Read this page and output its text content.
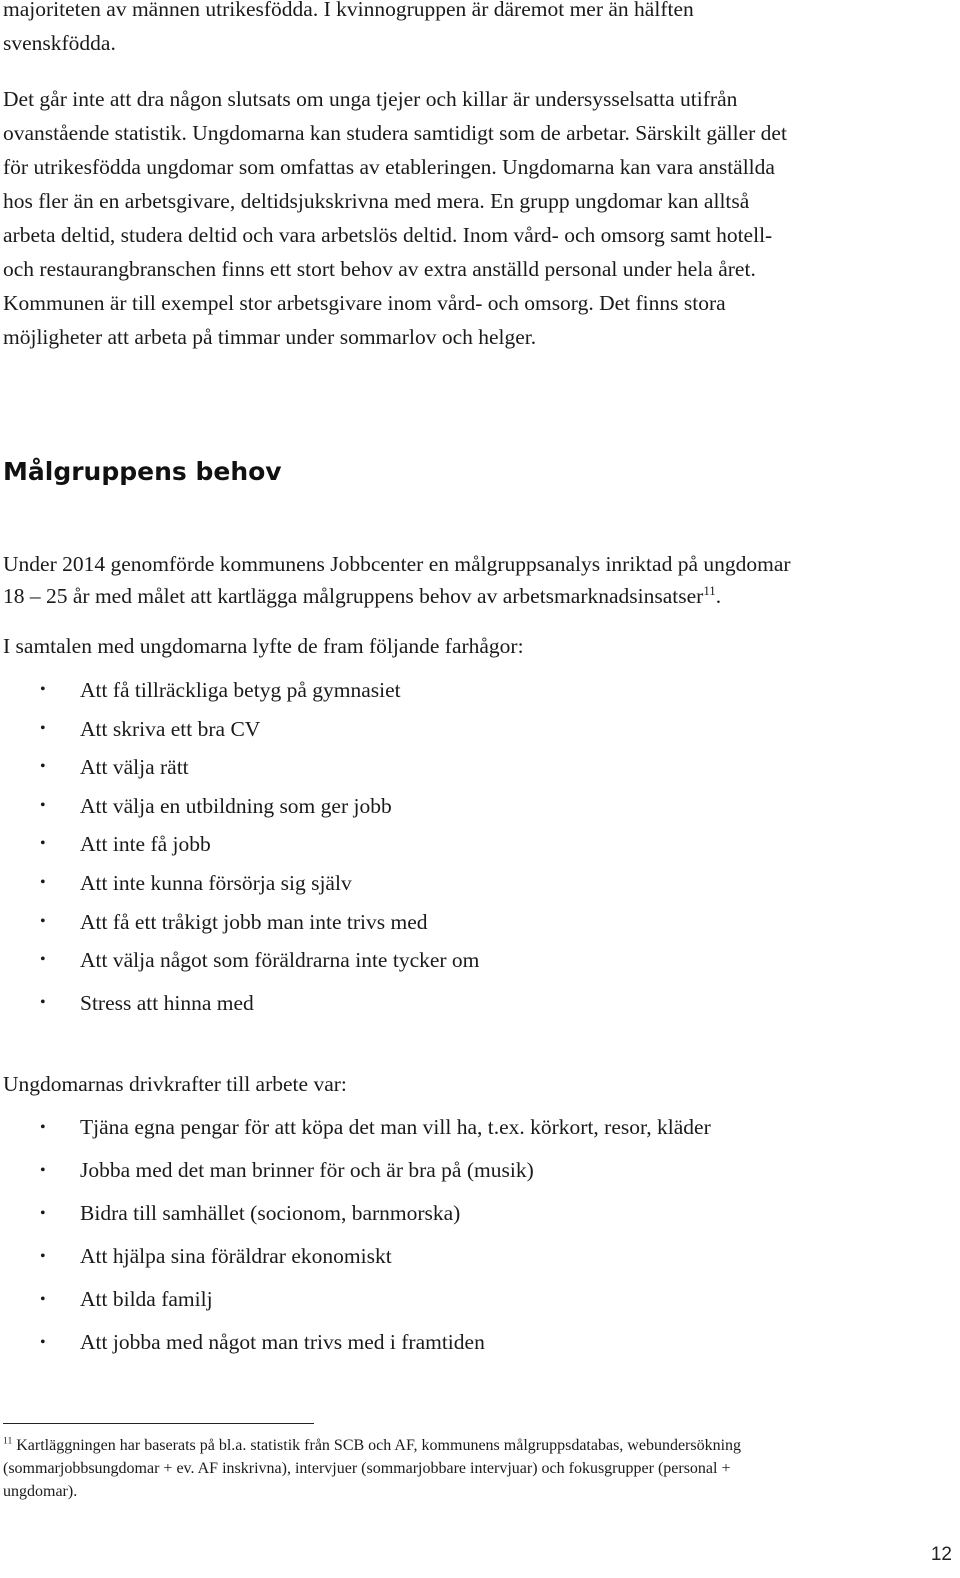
majoriteten av männen utrikesfödda. I kvinnogruppen är däremot mer än hälften
svenskfödda.

Det går inte att dra någon slutsats om unga tjejer och killar är undersysselsatta utifrån
ovanstående statistik. Ungdomarna kan studera samtidigt som de arbetar. Särskilt gäller det
för utrikesfödda ungdomar som omfattas av etableringen. Ungdomarna kan vara anställda
hos fler än en arbetsgivare, deltidsjukskrivna med mera. En grupp ungdomar kan alltså
arbeta deltid, studera deltid och vara arbetslös deltid. Inom vård- och omsorg samt hotell-
och restaurangbranschen finns ett stort behov av extra anställd personal under hela året.
Kommunen är till exempel stor arbetsgivare inom vård- och omsorg. Det finns stora
möjligheter att arbeta på timmar under sommarlov och helger.

Målgruppens behov

Under 2014 genomförde kommunens Jobbcenter en målgruppsanalys inriktad på ungdomar
18 – 25 år med målet att kartlägga målgruppens behov av arbetsmarknadsinsatser$^{11}$.

I samtalen med ungdomarna lyfte de fram följande farhågor:

• Att få tillräckliga betyg på gymnasiet
• Att skriva ett bra CV
• Att välja rätt
• Att välja en utbildning som ger jobb
• Att inte få jobb
• Att inte kunna försörja sig själv
• Att få ett tråkigt jobb man inte trivs med
• Att välja något som föräldrarna inte tycker om
• Stress att hinna med

Ungdomarnas drivkrafter till arbete var:

• Tjäna egna pengar för att köpa det man vill ha, t.ex. körkort, resor, kläder
• Jobba med det man brinner för och är bra på (musik)
• Bidra till samhället (socionom, barnmorska)
• Att hjälpa sina föräldrar ekonomiskt
• Att bilda familj
• Att jobba med något man trivs med i framtiden

$^{11}$ Kartläggningen har baserats på bl.a. statistik från SCB och AF, kommunens målgruppsdatabas, webundersökning
(sommarjobbsungdomar + ev. AF inskrivna), intervjuer (sommarjobbare intervjuar) och fokusgrupper (personal +
ungdomar).

12
